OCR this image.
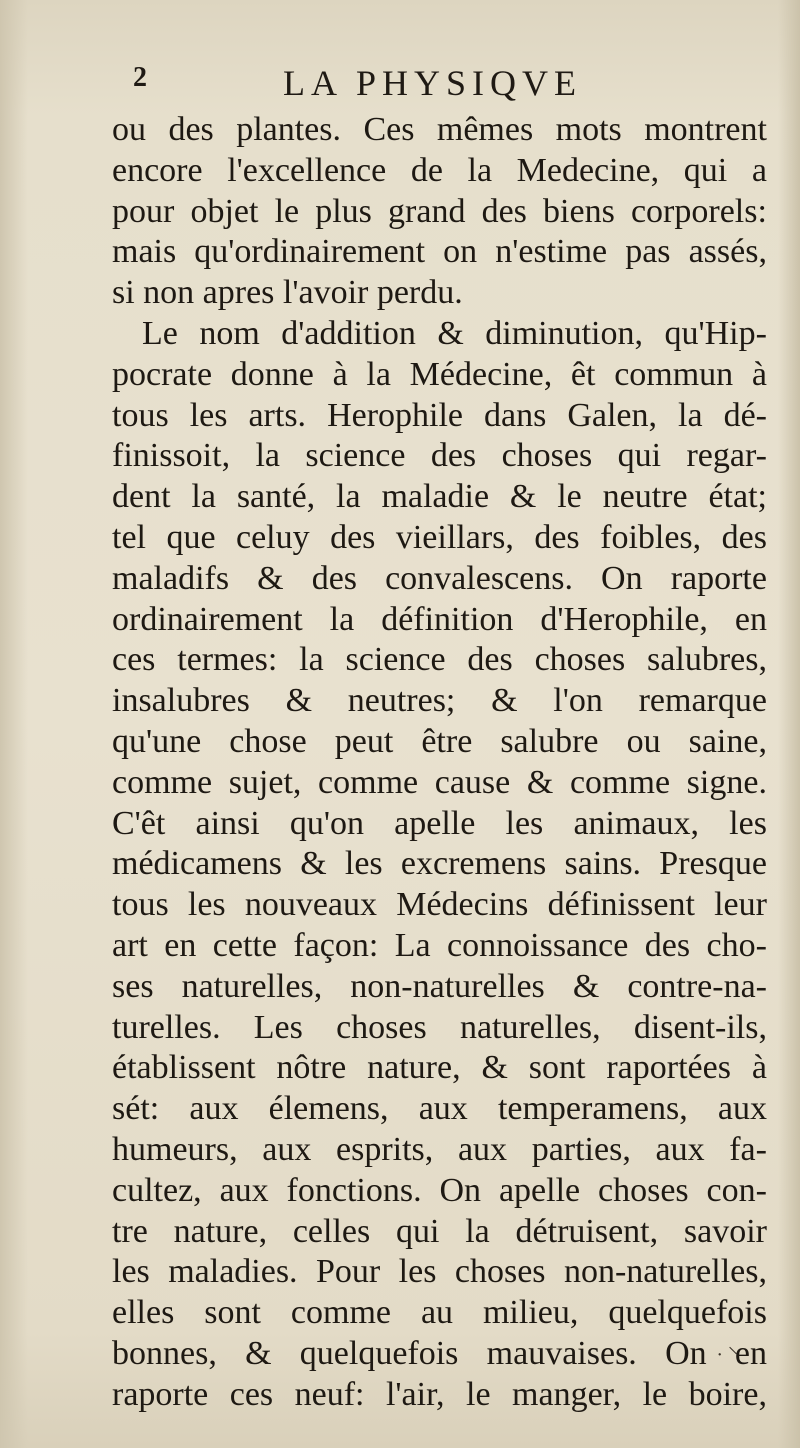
2	LA PHYSIQVE
ou des plantes. Ces mêmes mots montrent
encore l'excellence de la Medecine, qui a
pour objet le plus grand des biens corporels:
mais qu'ordinairement on n'estime pas assés,
si non apres l'avoir perdu.
Le nom d'addition & diminution, qu'Hip-
pocrate donne à la Médecine, êt commun à
tous les arts. Herophile dans Galen, la dé-
finissoit, la science des choses qui regar-
dent la santé, la maladie & le neutre état;
tel que celuy des vieillars, des foibles, des
maladifs & des convalescens. On raporte
ordinairement la définition d'Herophile, en
ces termes: la science des choses salubres,
insalubres & neutres; & l'on remarque
qu'une chose peut être salubre ou saine,
comme sujet, comme cause & comme signe.
C'êt ainsi qu'on apelle les animaux, les
médicamens & les excremens sains. Presque
tous les nouveaux Médecins définissent leur
art en cette façon: La connoissance des cho-
ses naturelles, non-naturelles & contre-na-
turelles. Les choses naturelles, disent-ils,
établissent nôtre nature, & sont raportées à
sét: aux élemens, aux temperamens, aux
humeurs, aux esprits, aux parties, aux fa-
cultez, aux fonctions. On apelle choses con-
tre nature, celles qui la détruisent, savoir
les maladies. Pour les choses non-naturelles,
elles sont comme au milieu, quelquefois
bonnes, & quelquefois mauvaises. On en
raporte ces neuf: l'air, le manger, le boire,
· ⸌
